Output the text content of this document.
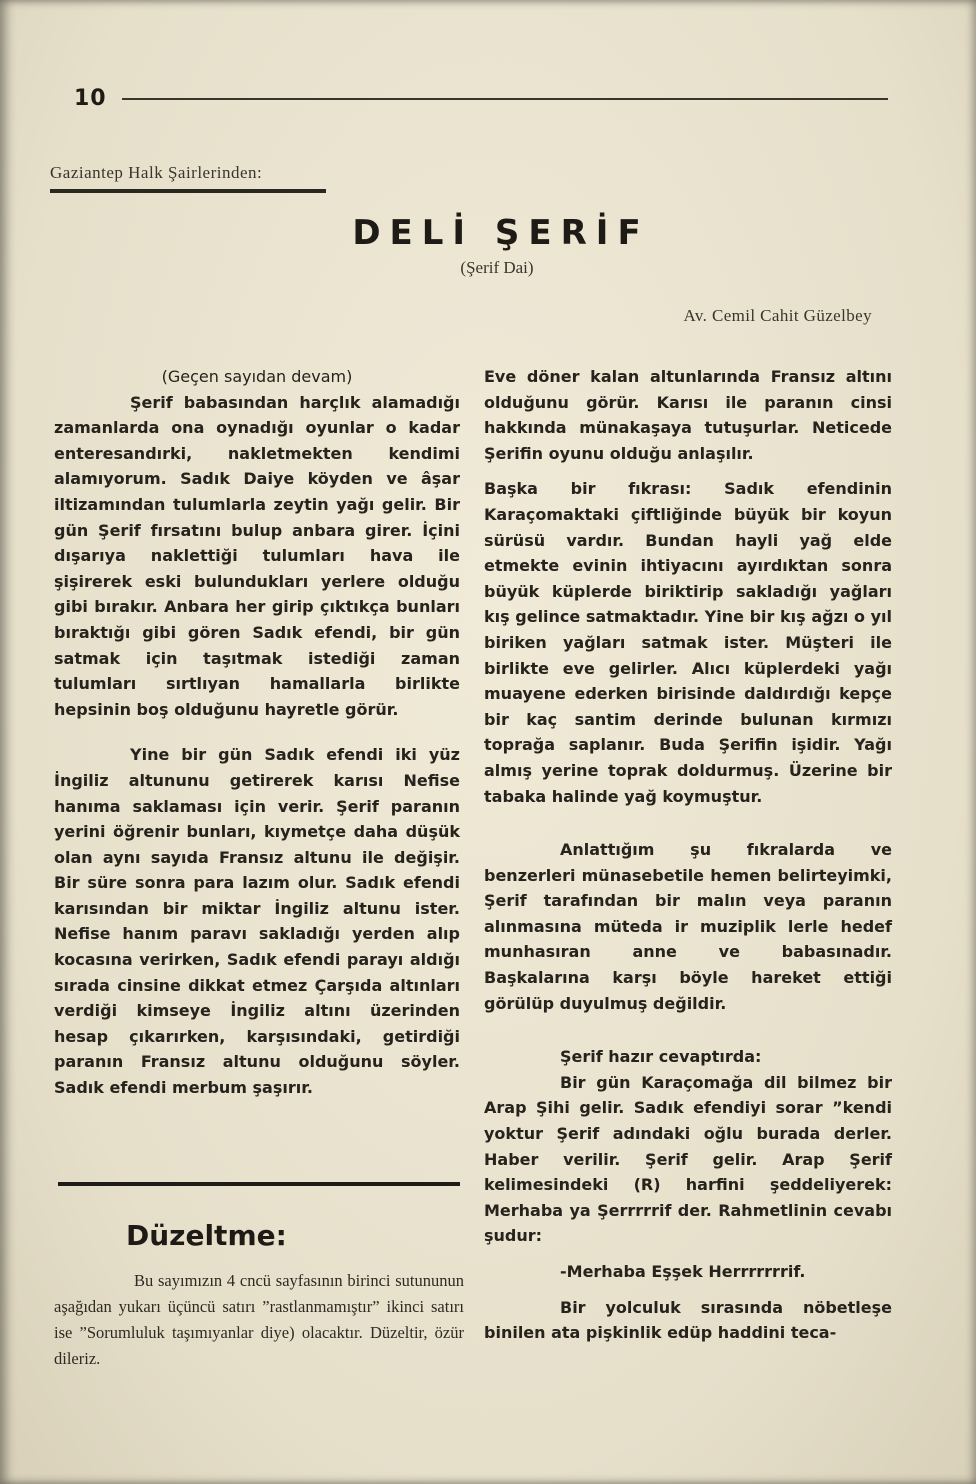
10
Gaziantep Halk Şairlerinden:
DELİ ŞERİF
(Şerif Dai)
Av. Cemil Cahit Güzelbey

(Geçen sayıdan devam)

Şerif babasından harçlık alamadığı zamanlarda ona oynadığı oyunlar o kadar enteresandırki, nakletmekten kendimi alamıyorum. Sadık Daiye köyden ve âşar iltizamından tulumlarla zeytin yağı gelir. Bir gün Şerif fırsatını bulup anbara girer. İçini dışarıya naklettiği tulumları hava ile şişirerek eski bulundukları yerlere olduğu gibi bırakır. Anbara her girip çıktıkça bunları bıraktığı gibi gören Sadık efendi, bir gün satmak için taşıtmak istediği zaman tulumları sırtlıyan hamallarla birlikte hepsinin boş olduğunu hayretle görür.

Yine bir gün Sadık efendi iki yüz İngiliz altununu getirerek karısı Nefise hanıma saklaması için verir. Şerif paranın yerini öğrenir bunları, kıymetçe daha düşük olan aynı sayıda Fransız altunu ile değişir. Bir süre sonra para lazım olur. Sadık efendi karısından bir miktar İngiliz altunu ister. Nefise hanım paravı sakladığı yerden alıp kocasına verirken, Sadık efendi parayı aldığı sırada cinsine dikkat etmez Çarşıda altınları verdiği kimseye İngiliz altını üzerinden hesap çıkarırken, karşısındaki, getirdiği paranın Fransız altunu olduğunu söyler. Sadık efendi merbum şaşırır.

Düzeltme:

Bu sayımızın 4 cncü sayfasının birinci sutununun aşağıdan yukarı üçüncü satırı ”rastlanmamıştır” ikinci satırı ise ”Sorumluluk taşımıyanlar diye) olacaktır. Düzeltir, özür dileriz.

Eve döner kalan altunlarında Fransız altını olduğunu görür. Karısı ile paranın cinsi hakkında münakaşaya tutuşurlar. Neticede Şerifin oyunu olduğu anlaşılır.

Başka bir fıkrası: Sadık efendinin Karaçomaktaki çiftliğinde büyük bir koyun sürüsü vardır. Bundan hayli yağ elde etmekte evinin ihtiyacını ayırdıktan sonra büyük küplerde biriktirip sakladığı yağları kış gelince satmaktadır. Yine bir kış ağzı o yıl biriken yağları satmak ister. Müşteri ile birlikte eve gelirler. Alıcı küplerdeki yağı muayene ederken birisinde daldırdığı kepçe bir kaç santim derinde bulunan kırmızı toprağa saplanır. Buda Şerifin işidir. Yağı almış yerine toprak doldurmuş. Üzerine bir tabaka halinde yağ koymuştur.

Anlattığım şu fıkralarda ve benzerleri münasebetile hemen belirteyimki, Şerif tarafından bir malın veya paranın alınmasına müteda ir muziplik lerle hedef munhasıran anne ve babasınadır. Başkalarına karşı böyle hareket ettiği görülüp duyulmuş değildir.

Şerif hazır cevaptırda:

Bir gün Karaçomağa dil bilmez bir Arap Şihi gelir. Sadık efendiyi sorar ”kendi yoktur Şerif adındaki oğlu burada derler. Haber verilir. Şerif gelir. Arap Şerif kelimesindeki (R) harfini şeddeliyerek: Merhaba ya Şerrrrrif der. Rahmetlinin cevabı şudur:

-Merhaba Eşşek Herrrrrrrif.

Bir yolculuk sırasında nöbetleşe binilen ata pişkinlik edüp haddini teca-
